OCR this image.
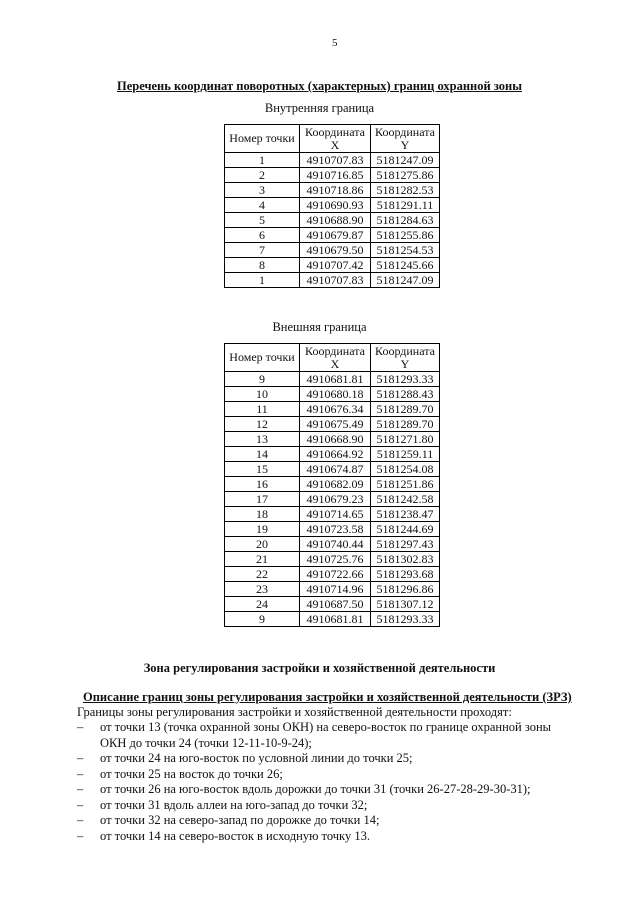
5
Перечень координат поворотных (характерных) границ охранной зоны
Внутренняя граница
Номер точки	Координата X	Координата Y
1	4910707.83	5181247.09
2	4910716.85	5181275.86
3	4910718.86	5181282.53
4	4910690.93	5181291.11
5	4910688.90	5181284.63
6	4910679.87	5181255.86
7	4910679.50	5181254.53
8	4910707.42	5181245.66
1	4910707.83	5181247.09
Внешняя граница
Номер точки	Координата X	Координата Y
9	4910681.81	5181293.33
10	4910680.18	5181288.43
11	4910676.34	5181289.70
12	4910675.49	5181289.70
13	4910668.90	5181271.80
14	4910664.92	5181259.11
15	4910674.87	5181254.08
16	4910682.09	5181251.86
17	4910679.23	5181242.58
18	4910714.65	5181238.47
19	4910723.58	5181244.69
20	4910740.44	5181297.43
21	4910725.76	5181302.83
22	4910722.66	5181293.68
23	4910714.96	5181296.86
24	4910687.50	5181307.12
9	4910681.81	5181293.33
Зона регулирования застройки и хозяйственной деятельности
Описание границ зоны регулирования застройки и хозяйственной деятельности (ЗРЗ)
Границы зоны регулирования застройки и хозяйственной деятельности проходят:
– от точки 13 (точка охранной зоны ОКН) на северо-восток по границе охранной зоны ОКН до точки 24 (точки 12-11-10-9-24);
– от точки 24 на юго-восток по условной линии до точки 25;
– от точки 25 на восток до точки 26;
– от точки 26 на юго-восток вдоль дорожки до точки 31 (точки 26-27-28-29-30-31);
– от точки 31 вдоль аллеи на юго-запад до точки 32;
– от точки 32 на северо-запад по дорожке до точки 14;
– от точки 14 на северо-восток в исходную точку 13.
